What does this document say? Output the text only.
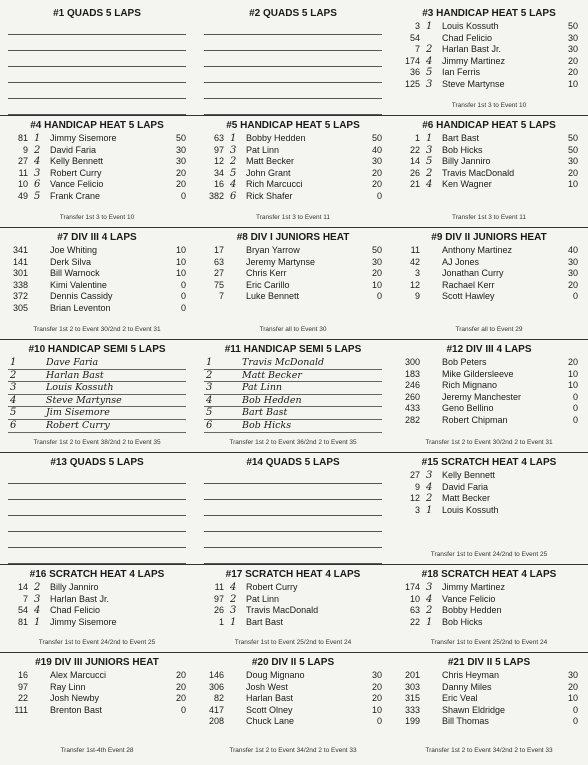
#1 QUADS 5 LAPS	#2 QUADS 5 LAPS	#3 HANDICAP HEAT 5 LAPS
3 1 Louis Kossuth	50
54 Chad Felicio	30
7 2 Harlan Bast Jr.	30
174 4 Jimmy Martinez	20
36 5 Ian Ferris	20
125 3 Steve Martynse	10
Transfer 1st 3 to Event 10
#4 HANDICAP HEAT 5 LAPS
81 1 Jimmy Sisemore	50
9 2 David Faria	30
27 4 Kelly Bennett	30
11 3 Robert Curry	20
10 6 Vance Felicio	20
49 5 Frank Crane	0
Transfer 1st 3 to Event 10
#5 HANDICAP HEAT 5 LAPS
63 1 Bobby Hedden	50
97 3 Pat Linn	40
12 2 Matt Becker	30
34 5 John Grant	20
16 4 Rich Marcucci	20
382 6 Rick Shafer	0
Transfer 1st 3 to Event 11
#6 HANDICAP HEAT 5 LAPS
1 1 Bart Bast	50
22 3 Bob Hicks	50
14 5 Billy Janniro	30
26 2 Travis MacDonald	20
21 4 Ken Wagner	10
Transfer 1st 3 to Event 11
#7 DIV III 4 LAPS
341 Joe Whiting	10
141 Derk Silva	10
301 Bill Warnock	10
338 Kimi Valentine	0
372 Dennis Cassidy	0
305 Brian Leventon	0
Transfer 1st 2 to Event 30/2nd 2 to Event 31
#8 DIV I JUNIORS HEAT
17 Bryan Yarrow	50
63 Jeremy Martynse	30
27 Chris Kerr	20
75 Eric Carillo	10
7 Luke Bennett	0
Transfer all to Event 30
#9 DIV II JUNIORS HEAT
11 Anthony Martinez	40
42 AJ Jones	30
3 Jonathan Curry	30
12 Rachael Kerr	20
9 Scott Hawley	0
Transfer all to Event 29
#10 HANDICAP SEMI 5 LAPS
1	Dave Faria
2	Harlan Bast
3	Louis Kossuth
4	Steve Martynse
5	Jim Sisemore
6	Robert Curry
Transfer 1st 2 to Event 38/2nd 2 to Event 35
#11 HANDICAP SEMI 5 LAPS
1	Travis McDonald
2	Matt Becker
3	Pat Linn
4	Bob Hedden
5	Bart Bast
6	Bob Hicks
Transfer 1st 2 to Event 36/2nd 2 to Event 35
#12 DIV III 4 LAPS
300 Bob Peters	20
183 Mike Gildersleeve	10
246 Rich Mignano	10
260 Jeremy Manchester	0
433 Geno Bellino	0
282 Robert Chipman	0
Transfer 1st 2 to Event 30/2nd 2 to Event 31
#13 QUADS 5 LAPS	#14 QUADS 5 LAPS	#15 SCRATCH HEAT 4 LAPS
27 3 Kelly Bennett
9 4 David Faria
12 2 Matt Becker
3 1 Louis Kossuth
Transfer 1st to Event 24/2nd to Event 25
#16 SCRATCH HEAT 4 LAPS
14 2 Billy Janniro
7 3 Harlan Bast Jr.
54 4 Chad Felicio
81 1 Jimmy Sisemore
Transfer 1st to Event 24/2nd to Event 25
#17 SCRATCH HEAT 4 LAPS
11 4 Robert Curry
97 2 Pat Linn
26 3 Travis MacDonald
1 1 Bart Bast
Transfer 1st to Event 25/2nd to Event 24
#18 SCRATCH HEAT 4 LAPS
174 3 Jimmy Martinez
10 4 Vance Felicio
63 2 Bobby Hedden
22 1 Bob Hicks
Transfer 1st to Event 25/2nd to Event 24
#19 DIV III JUNIORS HEAT
16 Alex Marcucci	20
97 Ray Linn	20
22 Josh Newby	20
111 Brenton Bast	0
Transfer 1st-4th Event 28
#20 DIV II 5 LAPS
146 Doug Mignano	30
306 Josh West	20
82 Harlan Bast	20
417 Scott Olney	10
208 Chuck Lane	0
Transfer 1st 2 to Event 34/2nd 2 to Event 33
#21 DIV II 5 LAPS
201 Chris Heyman	30
303 Danny Miles	20
315 Eric Veal	10
333 Shawn Eldridge	0
199 Bill Thomas	0
Transfer 1st 2 to Event 34/2nd 2 to Event 33
